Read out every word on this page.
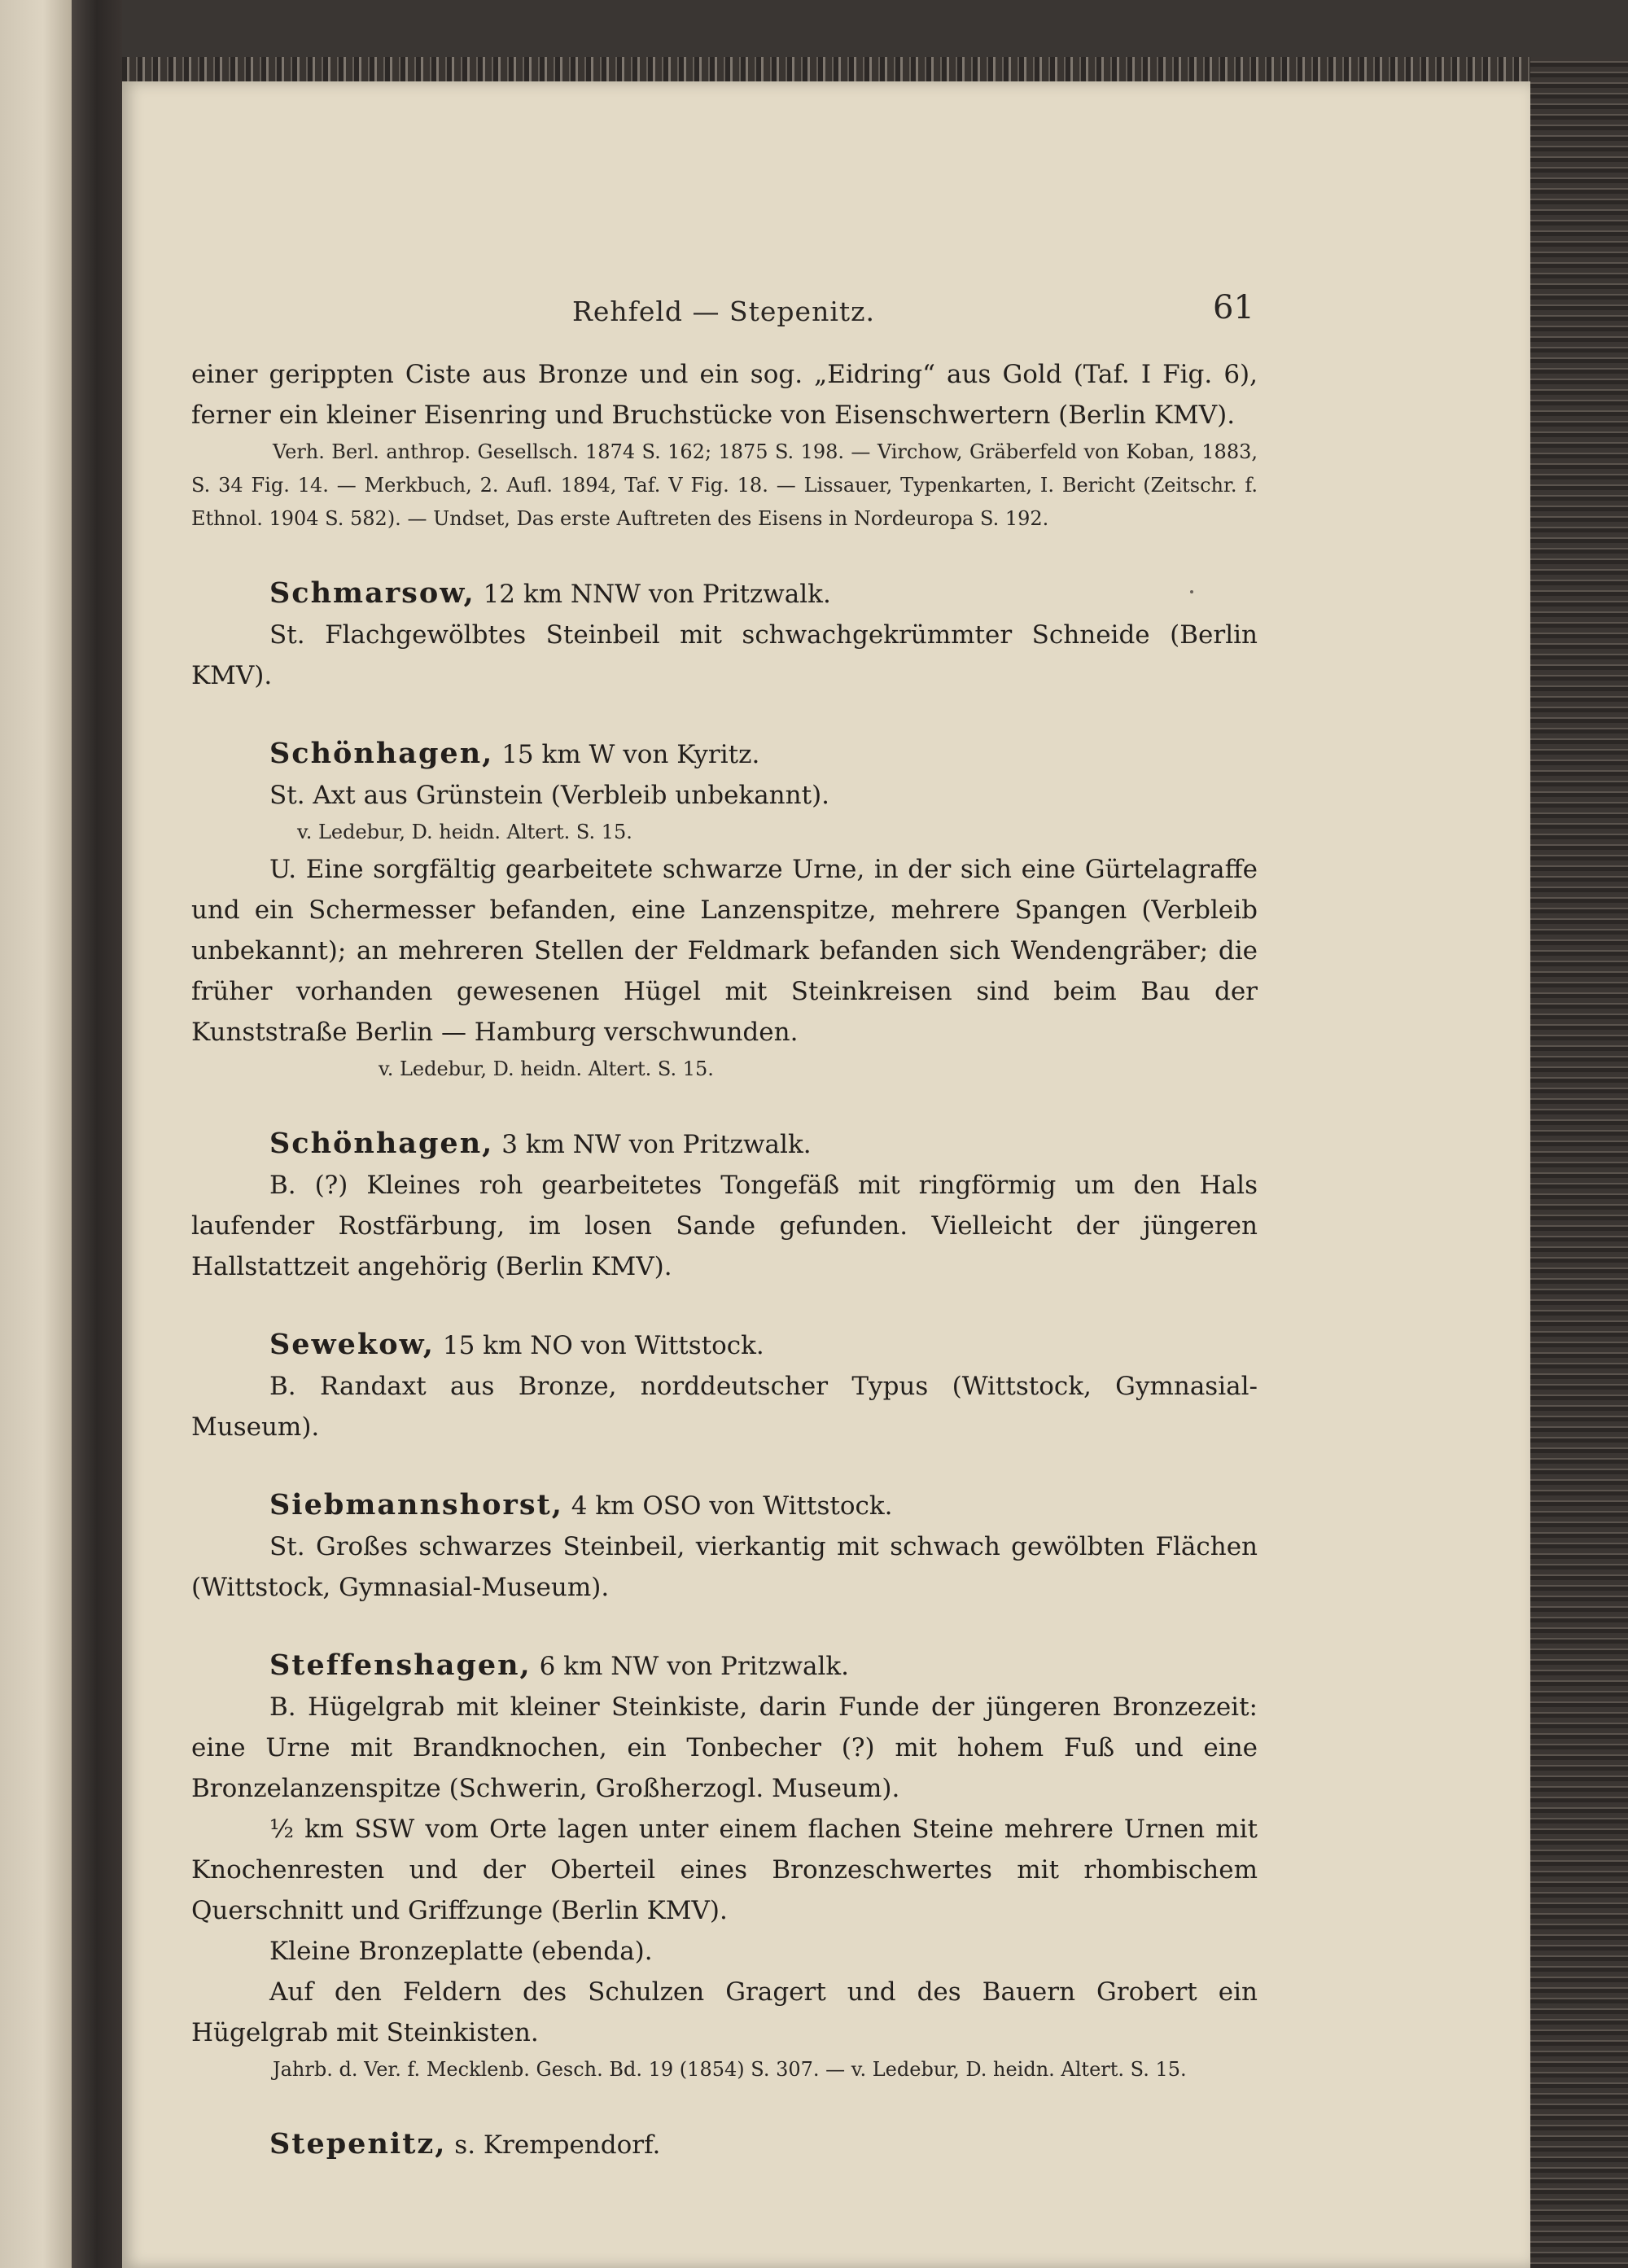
Rehfeld — Stepenitz.	61

einer gerippten Ciste aus Bronze und ein sog. „Eidring“ aus Gold (Taf. I Fig. 6), ferner ein kleiner Eisenring und Bruchstücke von Eisenschwertern (Berlin KMV).

Verh. Berl. anthrop. Gesellsch. 1874 S. 162; 1875 S. 198. — Virchow, Gräberfeld von Koban, 1883, S. 34 Fig. 14. — Merkbuch, 2. Aufl. 1894, Taf. V Fig. 18. — Lissauer, Typenkarten, I. Bericht (Zeitschr. f. Ethnol. 1904 S. 582). — Undset, Das erste Auftreten des Eisens in Nordeuropa S. 192.

Schmarsow, 12 km NNW von Pritzwalk.

St. Flachgewölbtes Steinbeil mit schwachgekrümmter Schneide (Berlin KMV).

Schönhagen, 15 km W von Kyritz.

St. Axt aus Grünstein (Verbleib unbekannt).

v. Ledebur, D. heidn. Altert. S. 15.

U. Eine sorgfältig gearbeitete schwarze Urne, in der sich eine Gürtelagraffe und ein Schermesser befanden, eine Lanzenspitze, mehrere Spangen (Verbleib unbekannt); an mehreren Stellen der Feldmark befanden sich Wendengräber; die früher vorhanden gewesenen Hügel mit Steinkreisen sind beim Bau der Kunststraße Berlin — Hamburg verschwunden.

v. Ledebur, D. heidn. Altert. S. 15.

Schönhagen, 3 km NW von Pritzwalk.

B. (?) Kleines roh gearbeitetes Tongefäß mit ringförmig um den Hals laufender Rostfärbung, im losen Sande gefunden. Vielleicht der jüngeren Hallstattzeit angehörig (Berlin KMV).

Sewekow, 15 km NO von Wittstock.

B. Randaxt aus Bronze, norddeutscher Typus (Wittstock, Gymnasial-Museum).

Siebmannshorst, 4 km OSO von Wittstock.

St. Großes schwarzes Steinbeil, vierkantig mit schwach gewölbten Flächen (Wittstock, Gymnasial-Museum).

Steffenshagen, 6 km NW von Pritzwalk.

B. Hügelgrab mit kleiner Steinkiste, darin Funde der jüngeren Bronzezeit: eine Urne mit Brandknochen, ein Tonbecher (?) mit hohem Fuß und eine Bronzelanzenspitze (Schwerin, Großherzogl. Museum).

½ km SSW vom Orte lagen unter einem flachen Steine mehrere Urnen mit Knochenresten und der Oberteil eines Bronzeschwertes mit rhombischem Querschnitt und Griffzunge (Berlin KMV).

Kleine Bronzeplatte (ebenda).

Auf den Feldern des Schulzen Gragert und des Bauern Grobert ein Hügelgrab mit Steinkisten.

Jahrb. d. Ver. f. Mecklenb. Gesch. Bd. 19 (1854) S. 307. — v. Ledebur, D. heidn. Altert. S. 15.

Stepenitz, s. Krempendorf.
